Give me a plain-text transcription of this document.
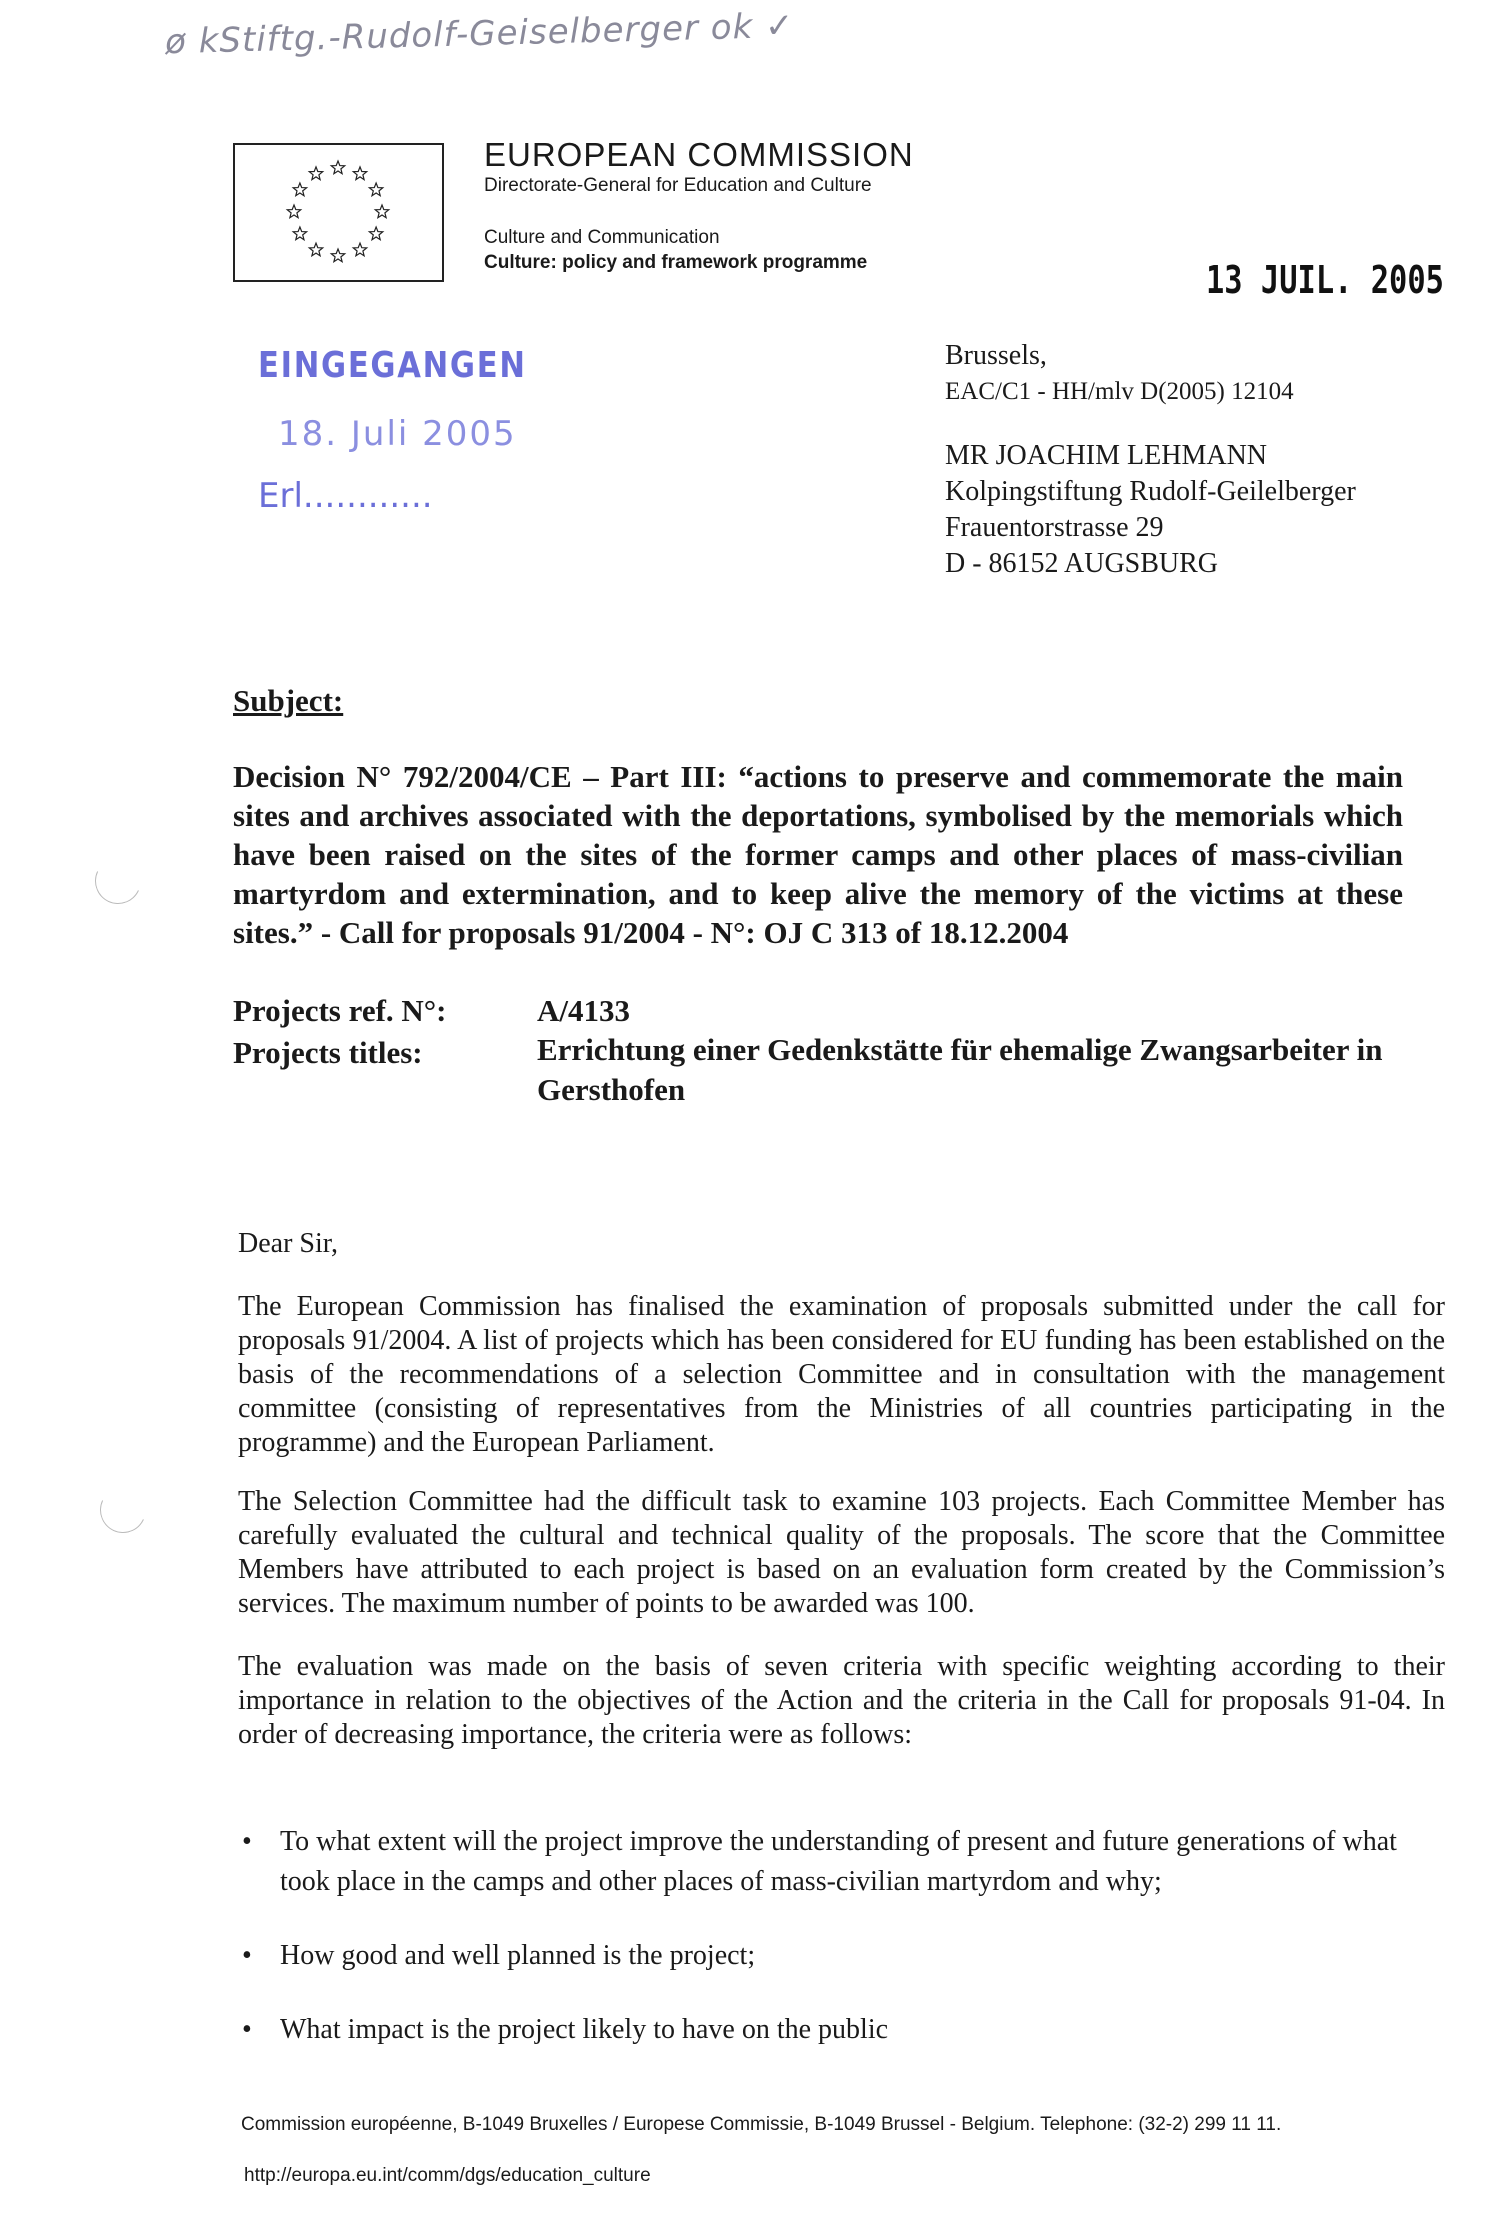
ø kStiftg.-Rudolf-Geiselberger ok ✓
EUROPEAN COMMISSION
Directorate-General for Education and Culture
Culture and Communication
Culture: policy and framework programme	13 JUIL. 2005
EINGEGANGEN
18. Juli 2005
Erl............
Brussels,
EAC/C1 - HH/mlv D(2005) 12104
MR JOACHIM LEHMANN
Kolpingstiftung Rudolf-Geilelberger
Frauentorstrasse 29
D - 86152 AUGSBURG
Subject:
Decision N° 792/2004/CE – Part III: “actions to preserve and commemorate the main sites and archives associated with the deportations, symbolised by the memorials which have been raised on the sites of the former camps and other places of mass-civilian martyrdom and extermination, and to keep alive the memory of the victims at these sites.” - Call for proposals 91/2004 - N°: OJ C 313 of 18.12.2004
Projects ref. N°:	A/4133
Projects titles:	Errichtung einer Gedenkstätte für ehemalige Zwangsarbeiter in Gersthofen
Dear Sir,
The European Commission has finalised the examination of proposals submitted under the call for proposals 91/2004. A list of projects which has been considered for EU funding has been established on the basis of the recommendations of a selection Committee and in consultation with the management committee (consisting of representatives from the Ministries of all countries participating in the programme) and the European Parliament.
The Selection Committee had the difficult task to examine 103 projects. Each Committee Member has carefully evaluated the cultural and technical quality of the proposals. The score that the Committee Members have attributed to each project is based on an evaluation form created by the Commission’s services. The maximum number of points to be awarded was 100.
The evaluation was made on the basis of seven criteria with specific weighting according to their importance in relation to the objectives of the Action and the criteria in the Call for proposals 91-04. In order of decreasing importance, the criteria were as follows:
• To what extent will the project improve the understanding of present and future generations of what took place in the camps and other places of mass-civilian martyrdom and why;
• How good and well planned is the project;
• What impact is the project likely to have on the public
Commission européenne, B-1049 Bruxelles / Europese Commissie, B-1049 Brussel - Belgium. Telephone: (32-2) 299 11 11.
http://europa.eu.int/comm/dgs/education_culture
